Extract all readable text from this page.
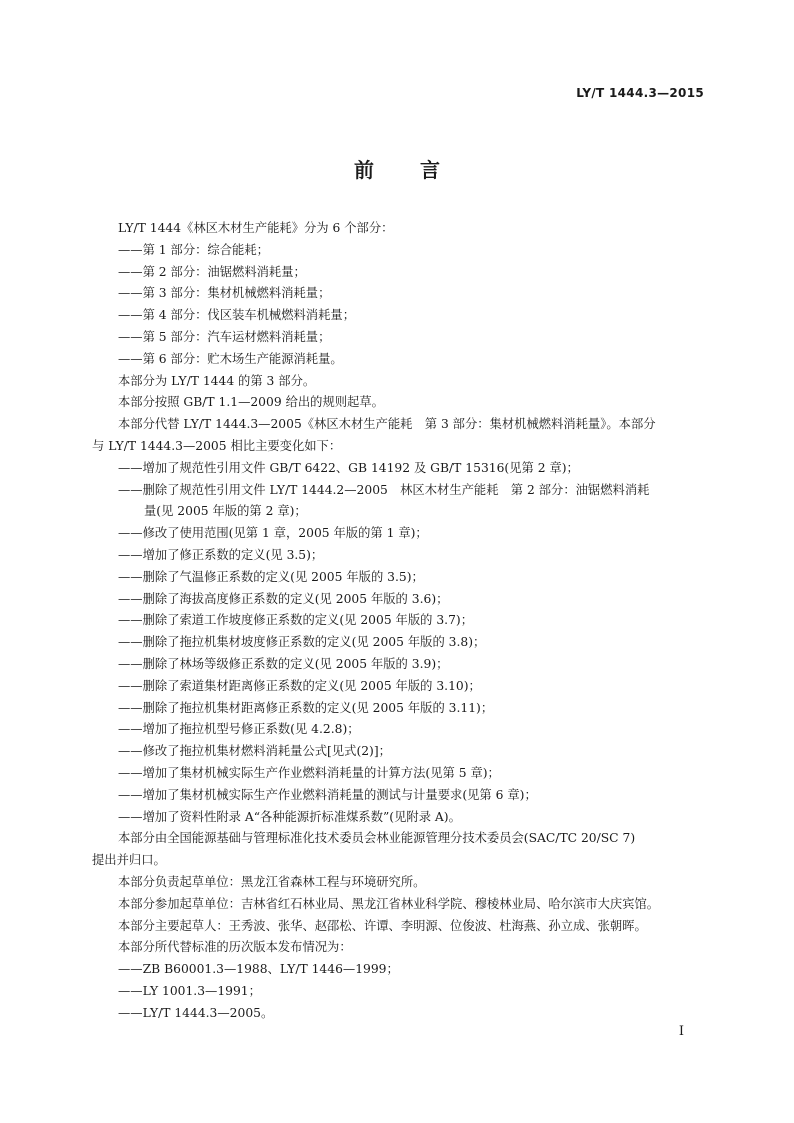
LY/T 1444.3—2015
前 言

LY/T 1444《林区木材生产能耗》分为 6 个部分：

——第 1 部分：综合能耗；

——第 2 部分：油锯燃料消耗量；

——第 3 部分：集材机械燃料消耗量；

——第 4 部分：伐区装车机械燃料消耗量；

——第 5 部分：汽车运材燃料消耗量；

——第 6 部分：贮木场生产能源消耗量。

本部分为 LY/T 1444 的第 3 部分。

本部分按照 GB/T 1.1—2009 给出的规则起草。

本部分代替 LY/T 1444.3—2005《林区木材生产能耗　第 3 部分：集材机械燃料消耗量》。本部分

与 LY/T 1444.3—2005 相比主要变化如下：

——增加了规范性引用文件 GB/T 6422、GB 14192 及 GB/T 15316(见第 2 章)；

——删除了规范性引用文件 LY/T 1444.2—2005　林区木材生产能耗　第 2 部分：油锯燃料消耗

量(见 2005 年版的第 2 章)；

——修改了使用范围(见第 1 章，2005 年版的第 1 章)；

——增加了修正系数的定义(见 3.5)；

——删除了气温修正系数的定义(见 2005 年版的 3.5)；

——删除了海拔高度修正系数的定义(见 2005 年版的 3.6)；

——删除了索道工作坡度修正系数的定义(见 2005 年版的 3.7)；

——删除了拖拉机集材坡度修正系数的定义(见 2005 年版的 3.8)；

——删除了林场等级修正系数的定义(见 2005 年版的 3.9)；

——删除了索道集材距离修正系数的定义(见 2005 年版的 3.10)；

——删除了拖拉机集材距离修正系数的定义(见 2005 年版的 3.11)；

——增加了拖拉机型号修正系数(见 4.2.8)；

——修改了拖拉机集材燃料消耗量公式[见式(2)]；

——增加了集材机械实际生产作业燃料消耗量的计算方法(见第 5 章)；

——增加了集材机械实际生产作业燃料消耗量的测试与计量要求(见第 6 章)；

——增加了资料性附录 A“各种能源折标准煤系数”(见附录 A)。

本部分由全国能源基础与管理标准化技术委员会林业能源管理分技术委员会(SAC/TC 20/SC 7)

提出并归口。

本部分负责起草单位：黑龙江省森林工程与环境研究所。

本部分参加起草单位：吉林省红石林业局、黑龙江省林业科学院、穆棱林业局、哈尔滨市大庆宾馆。

本部分主要起草人：王秀波、张华、赵邵松、许谭、李明源、位俊波、杜海燕、孙立成、张朝晖。

本部分所代替标准的历次版本发布情况为：

——ZB B60001.3—1988、LY/T 1446—1999；

——LY 1001.3—1991；

——LY/T 1444.3—2005。

I
